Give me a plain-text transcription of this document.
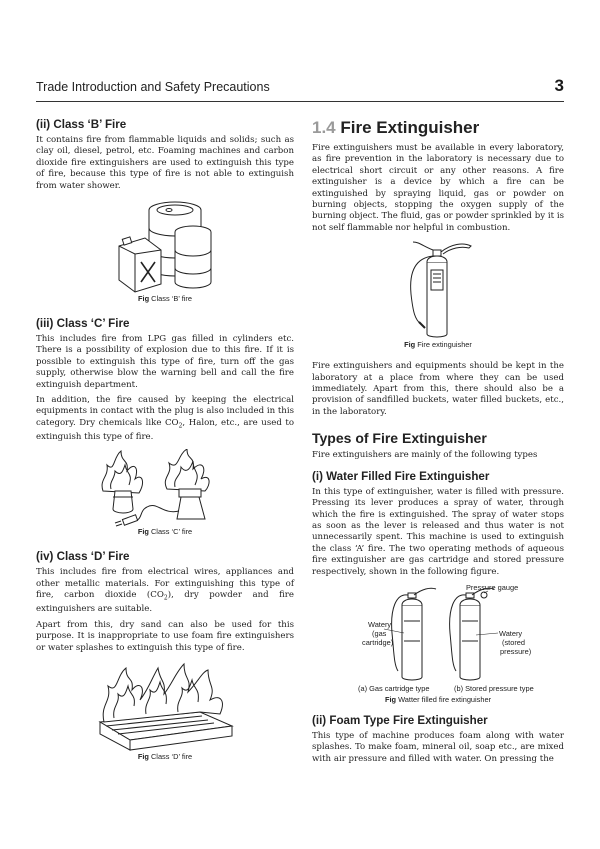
Trade Introduction and Safety Precautions	3
(ii) Class ‘B’ Fire

It contains fire from flammable liquids and solids; such as clay oil, diesel, petrol, etc. Foaming machines and carbon dioxide fire extinguishers are used to extinguish this type of fire, because this type of fire is not able to extinguish from water shower.

Fig Class ‘B’ fire

(iii) Class ‘C’ Fire

This includes fire from LPG gas filled in cylinders etc. There is a possibility of explosion due to this fire. If it is possible to extinguish this type of fire, turn off the gas supply, otherwise blow the warning bell and call the fire extinguish department.

In addition, the fire caused by keeping the electrical equipments in contact with the plug is also included in this category. Dry chemicals like $CO_2$, Halon, etc., are used to extinguish this type of fire.

Fig Class ‘C’ fire

(iv) Class ‘D’ Fire

This includes fire from electrical wires, appliances and other metallic materials. For extinguishing this type of fire, carbon dioxide $(CO_2)$, dry powder and fire extinguishers are suitable.

Apart from this, dry sand can also be used for this purpose. It is inappropriate to use foam fire extinguishers or water splashes to extinguish this type of fire.

Fig Class ‘D’ fire

1.4 Fire Extinguisher

Fire extinguishers must be available in every laboratory, as fire prevention in the laboratory is necessary due to electrical short circuit or any other reasons. A fire extinguisher is a device by which a fire can be extinguished by spraying liquid, gas or powder on burning objects, stopping the oxygen supply of the burning object. The fluid, gas or powder sprinkled by it is not self flammable nor helpful in combustion.

Fig Fire extinguisher

Fire extinguishers and equipments should be kept in the laboratory at a place from where they can be used immediately. Apart from this, there should also be a provision of sandfilled buckets, water filled buckets, etc., in the laboratory.

Types of Fire Extinguisher

Fire extinguishers are mainly of the following types

(i) Water Filled Fire Extinguisher

In this type of extinguisher, water is filled with pressure. Pressing its lever produces a spray of water, through which the fire is extinguished. The spray of water stops as soon as the lever is released and thus water is not unnecessarily spent. This machine is used to extinguish the class ‘A’ fire. The two operating methods of aqueous fire extinguisher are gas cartridge and stored pressure respectively, shown in the following figure.

Pressure gauge
Watery
(gas
cartridge)
Watery
(stored
pressure)
(a) Gas cartridge type	(b) Stored pressure type

Fig Watter filled fire extinguisher

(ii) Foam Type Fire Extinguisher

This type of machine produces foam along with water splashes. To make foam, mineral oil, soap etc., are mixed with air pressure and filled with water. On pressing the
